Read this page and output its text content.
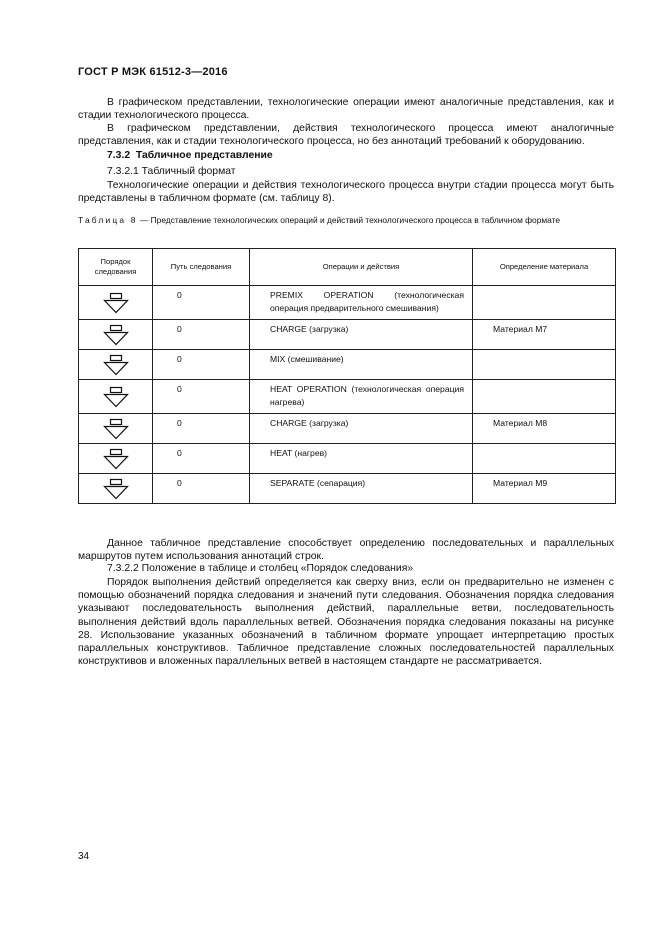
ГОСТ Р МЭК 61512-3—2016

В графическом представлении, технологические операции имеют аналогичные представления, как и стадии технологического процесса.

В графическом представлении, действия технологического процесса имеют аналогичные представления, как и стадии технологического процесса, но без аннотаций требований к оборудованию.

7.3.2 Табличное представление
7.3.2.1 Табличный формат

Технологические операции и действия технологического процесса внутри стадии процесса могут быть представлены в табличном формате (см. таблицу 8).

Таблица 8 — Представление технологических операций и действий технологического процесса в табличном формате

Порядок следования	Путь следования	Операции и действия	Определение материала

	0	PREMIX OPERATION (технологическая операция предварительного смешивания)	

	0	CHARGE (загрузка)	Материал M7

	0	MIX (смешивание)	

	0	HEAT OPERATION (технологическая операция нагрева)	

	0	CHARGE (загрузка)	Материал M8

	0	HEAT (нагрев)	

	0	SEPARATE (сепарация)	Материал M9

Данное табличное представление способствует определению последовательных и параллельных маршрутов путем использования аннотаций строк.

7.3.2.2 Положение в таблице и столбец «Порядок следования»

Порядок выполнения действий определяется как сверху вниз, если он предварительно не изменен с помощью обозначений порядка следования и значений пути следования. Обозначения порядка следования указывают последовательность выполнения действий, параллельные ветви, последовательность выполнения действий вдоль параллельных ветвей. Обозначения порядка следования показаны на рисунке 28. Использование указанных обозначений в табличном формате упрощает интерпретацию простых параллельных конструктивов. Табличное представление сложных последовательностей параллельных конструктивов и вложенных параллельных ветвей в настоящем стандарте не рассматривается.

34
